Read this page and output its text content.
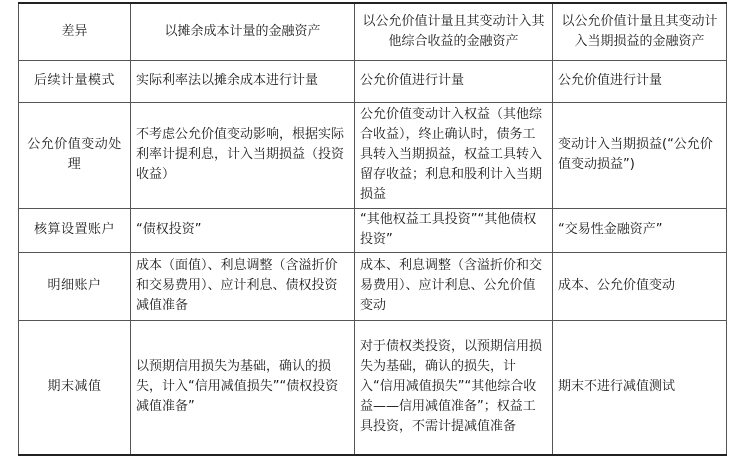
差异	以摊余成本计量的金融资产	以公允价值计量且其变动计入其他综合收益的金融资产	以公允价值计量且其变动计入当期损益的金融资产
后续计量模式	实际利率法以摊余成本进行计量	公允价值进行计量	公允价值进行计量
公允价值变动处理	不考虑公允价值变动影响，根据实际利率计提利息，计入当期损益（投资收益）	公允价值变动计入权益（其他综合收益），终止确认时，债务工具转入当期损益，权益工具转入留存收益；利息和股利计入当期损益	变动计入当期损益(“公允价值变动损益”)
核算设置账户	“债权投资”	“其他权益工具投资”“其他债权投资”	“交易性金融资产”
明细账户	成本（面值）、利息调整（含溢折价和交易费用）、应计利息、债权投资减值准备	成本、利息调整（含溢折价和交易费用）、应计利息、公允价值变动	成本、公允价值变动
期末减值	以预期信用损失为基础，确认的损失，计入“信用减值损失”“债权投资减值准备”	对于债权类投资，以预期信用损失为基础，确认的损失，计入“信用减值损失”“其他综合收益——信用减值准备”；权益工具投资，不需计提减值准备	期末不进行减值测试
